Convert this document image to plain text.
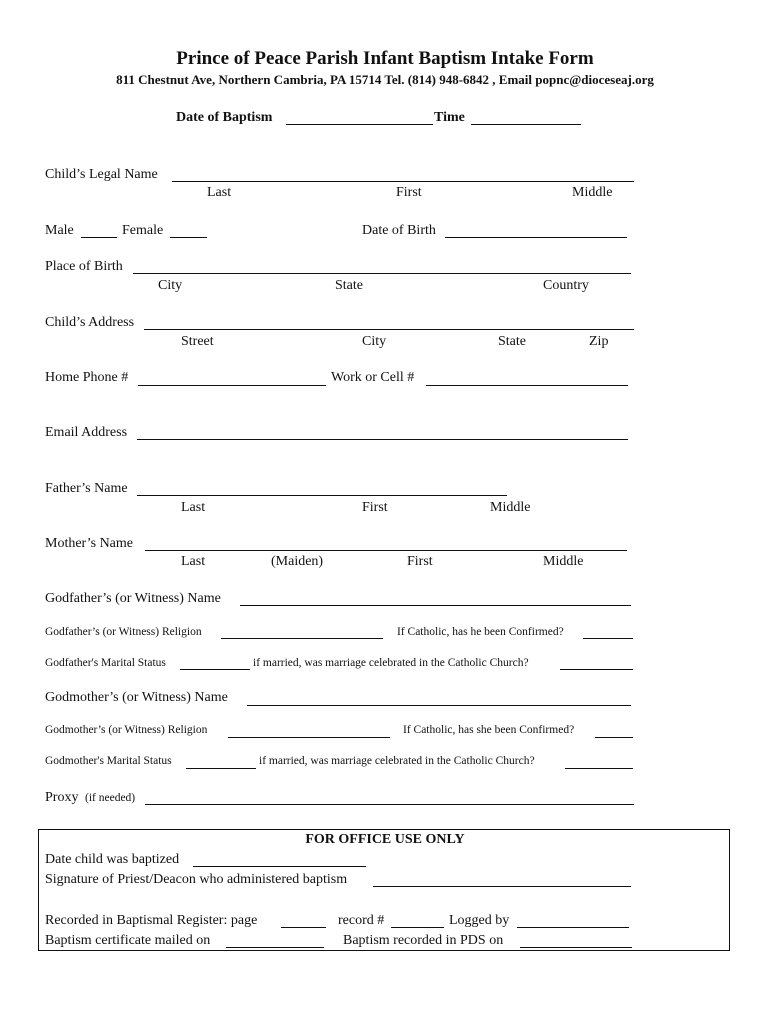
Prince of Peace Parish Infant Baptism Intake Form
811 Chestnut Ave, Northern Cambria, PA 15714 Tel. (814) 948-6842 , Email popnc@dioceseaj.org
Date of Baptism	Time
Child’s Legal Name
Last	First	Middle
Male	Female	Date of Birth
Place of Birth
City	State	Country
Child’s Address
Street	City	State	Zip
Home Phone #	Work or Cell #
Email Address
Father’s Name
Last	First	Middle
Mother’s Name
Last	(Maiden)	First	Middle
Godfather’s (or Witness) Name
Godfather’s (or Witness) Religion	If Catholic, has he been Confirmed?
Godfather's Marital Status	if married, was marriage celebrated in the Catholic Church?
Godmother’s (or Witness) Name
Godmother’s (or Witness) Religion	If Catholic, has she been Confirmed?
Godmother's Marital Status	if married, was marriage celebrated in the Catholic Church?
Proxy (if needed)
FOR OFFICE USE ONLY
Date child was baptized
Signature of Priest/Deacon who administered baptism
Recorded in Baptismal Register: page	record #	Logged by
Baptism certificate mailed on	Baptism recorded in PDS on
